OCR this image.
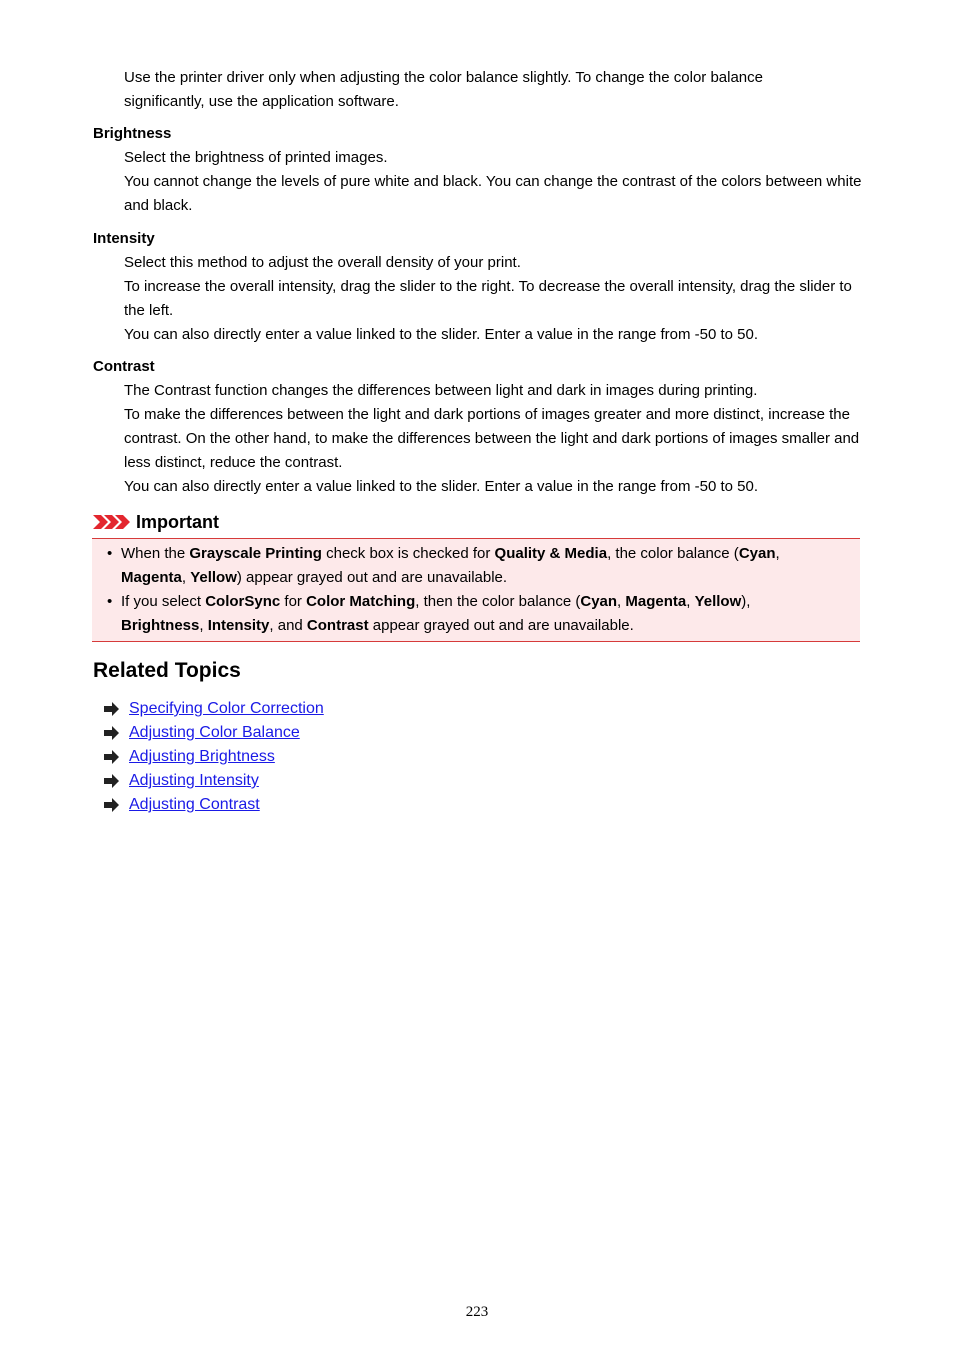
Use the printer driver only when adjusting the color balance slightly. To change the color balance

significantly, use the application software.

Brightness

Select the brightness of printed images.

You cannot change the levels of pure white and black. You can change the contrast of the colors between white and black.

Intensity

Select this method to adjust the overall density of your print.

To increase the overall intensity, drag the slider to the right. To decrease the overall intensity, drag the slider to the left.

You can also directly enter a value linked to the slider. Enter a value in the range from -50 to 50.

Contrast

The Contrast function changes the differences between light and dark in images during printing.

To make the differences between the light and dark portions of images greater and more distinct, increase the contrast. On the other hand, to make the differences between the light and dark portions of images smaller and less distinct, reduce the contrast.

You can also directly enter a value linked to the slider. Enter a value in the range from -50 to 50.

Important
• When the Grayscale Printing check box is checked for Quality & Media, the color balance (Cyan,
Magenta, Yellow) appear grayed out and are unavailable.
• If you select ColorSync for Color Matching, then the color balance (Cyan, Magenta, Yellow),
Brightness, Intensity, and Contrast appear grayed out and are unavailable.
Related Topics
Specifying Color Correction
Adjusting Color Balance
Adjusting Brightness
Adjusting Intensity
Adjusting Contrast
223
